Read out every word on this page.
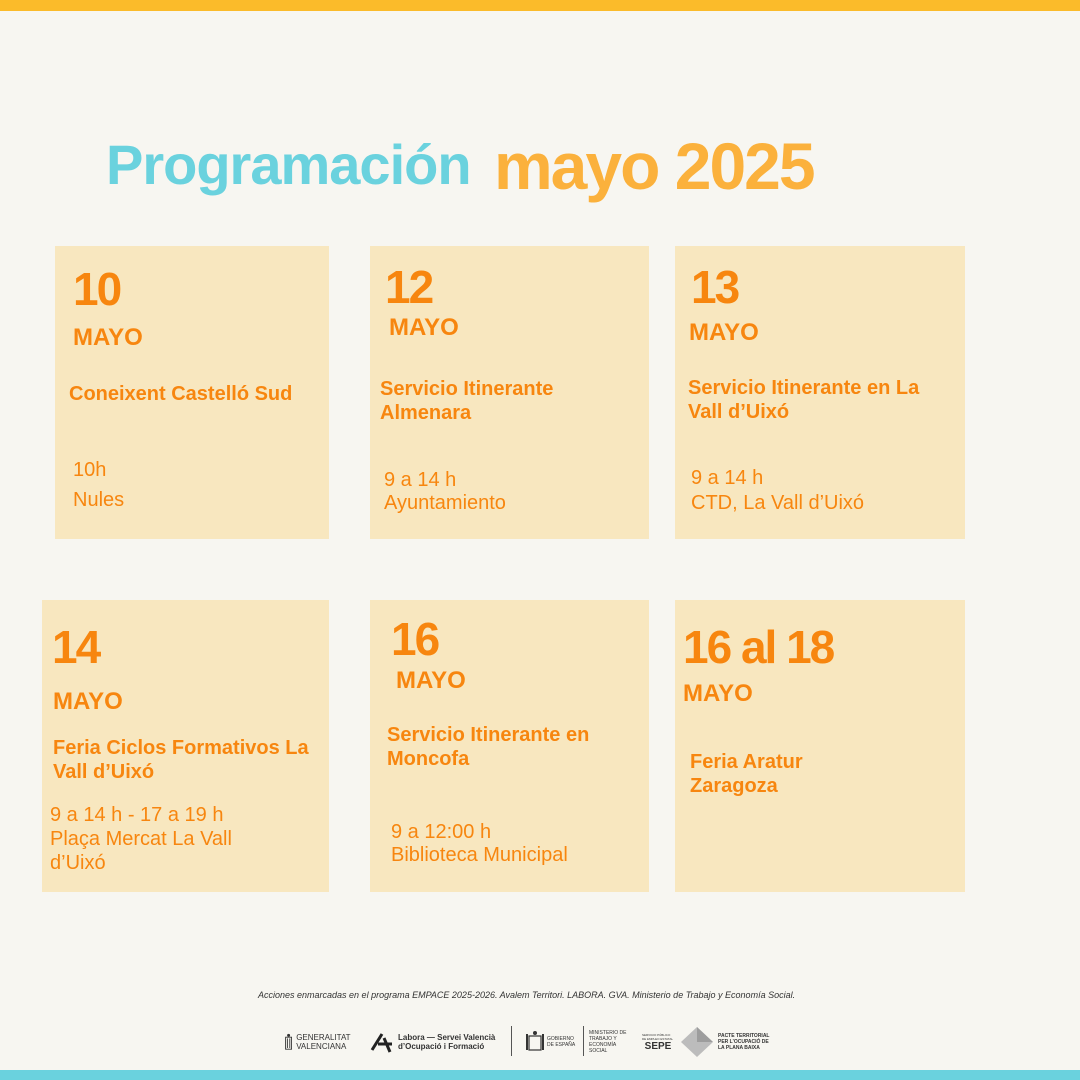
Programación mayo 2025
10
MAYO
Coneixent Castelló Sud
10h
Nules
12
MAYO
Servicio Itinerante Almenara
9 a 14 h
Ayuntamiento
13
MAYO
Servicio Itinerante en La Vall d’Uixó
9 a 14 h
CTD, La Vall d’Uixó
14
MAYO
Feria Ciclos Formativos La Vall d’Uixó
9 a 14 h - 17 a 19 h
Plaça Mercat La Vall d’Uixó
16
MAYO
Servicio Itinerante en Moncofa
9 a 12:00 h
Biblioteca Municipal
16 al 18
MAYO
Feria Aratur Zaragoza
Acciones enmarcadas en el programa EMPACE 2025-2026. Avalem Territori. LABORA. GVA. Ministerio de Trabajo y Economía Social.
GENERALITAT VALENCIANA
Labora — Servei Valencià d’Ocupació i Formació
GOBIERNO DE ESPAÑA
MINISTERIO DE TRABAJO Y ECONOMÍA SOCIAL
SERVICIO PÚBLICO DE EMPLEO ESTATAL
SEPE
PACTE TERRITORIAL PER L’OCUPACIÓ DE LA PLANA BAIXA
